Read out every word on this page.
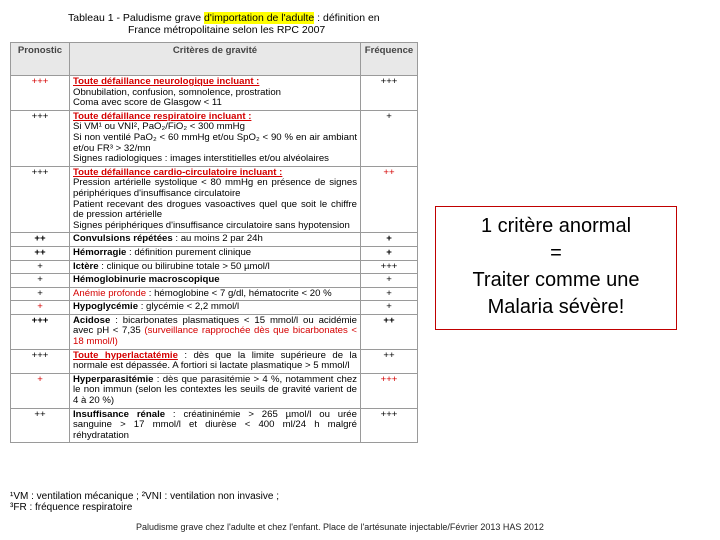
Tableau 1 - Paludisme grave d'importation de l'adulte : définition en
France métropolitaine selon les RPC 2007
Pronostic	Critères de gravité	Fréquence
+++	Toute défaillance neurologique incluant :
Obnubilation, confusion, somnolence, prostration
Coma avec score de Glasgow < 11	+++
+++	Toute défaillance respiratoire incluant :
Si VM¹ ou VNI², PaO₂/FiO₂ < 300 mmHg
Si non ventilé PaO₂ < 60 mmHg et/ou SpO₂ < 90 % en air ambiant et/ou FR³ > 32/mn
Signes radiologiques : images interstitielles et/ou alvéolaires	+
+++	Toute défaillance cardio-circulatoire incluant :
Pression artérielle systolique < 80 mmHg en présence de signes périphériques d'insuffisance circulatoire
Patient recevant des drogues vasoactives quel que soit le chiffre de pression artérielle
Signes périphériques d'insuffisance circulatoire sans hypotension	++
++	Convulsions répétées : au moins 2 par 24h	+
++	Hémorragie : définition purement clinique	+
+	Ictère : clinique ou bilirubine totale > 50 µmol/l	+++
+	Hémoglobinurie macroscopique	+
+	Anémie profonde : hémoglobine < 7 g/dl, hématocrite < 20 %	+
+	Hypoglycémie : glycémie < 2,2 mmol/l	+
+++	Acidose : bicarbonates plasmatiques < 15 mmol/l ou acidémie avec pH < 7,35 (surveillance rapprochée dès que bicarbonates < 18 mmol/l)	++
+++	Toute hyperlactatémie : dès que la limite supérieure de la normale est dépassée. A fortiori si lactate plasmatique > 5 mmol/l	++
+	Hyperparasitémie : dès que parasitémie > 4 %, notamment chez le non immun (selon les contextes les seuils de gravité varient de 4 à 20 %)	+++
++	Insuffisance rénale : créatininémie > 265 µmol/l ou urée sanguine > 17 mmol/l et diurèse < 400 ml/24 h malgré réhydratation	+++
¹VM : ventilation mécanique ; ²VNI : ventilation non invasive ;
³FR : fréquence respiratoire
1 critère anormal
=
Traiter comme une
Malaria sévère!
Paludisme grave chez l'adulte et chez l'enfant. Place de l'artésunate injectable/Février 2013 HAS 2012
